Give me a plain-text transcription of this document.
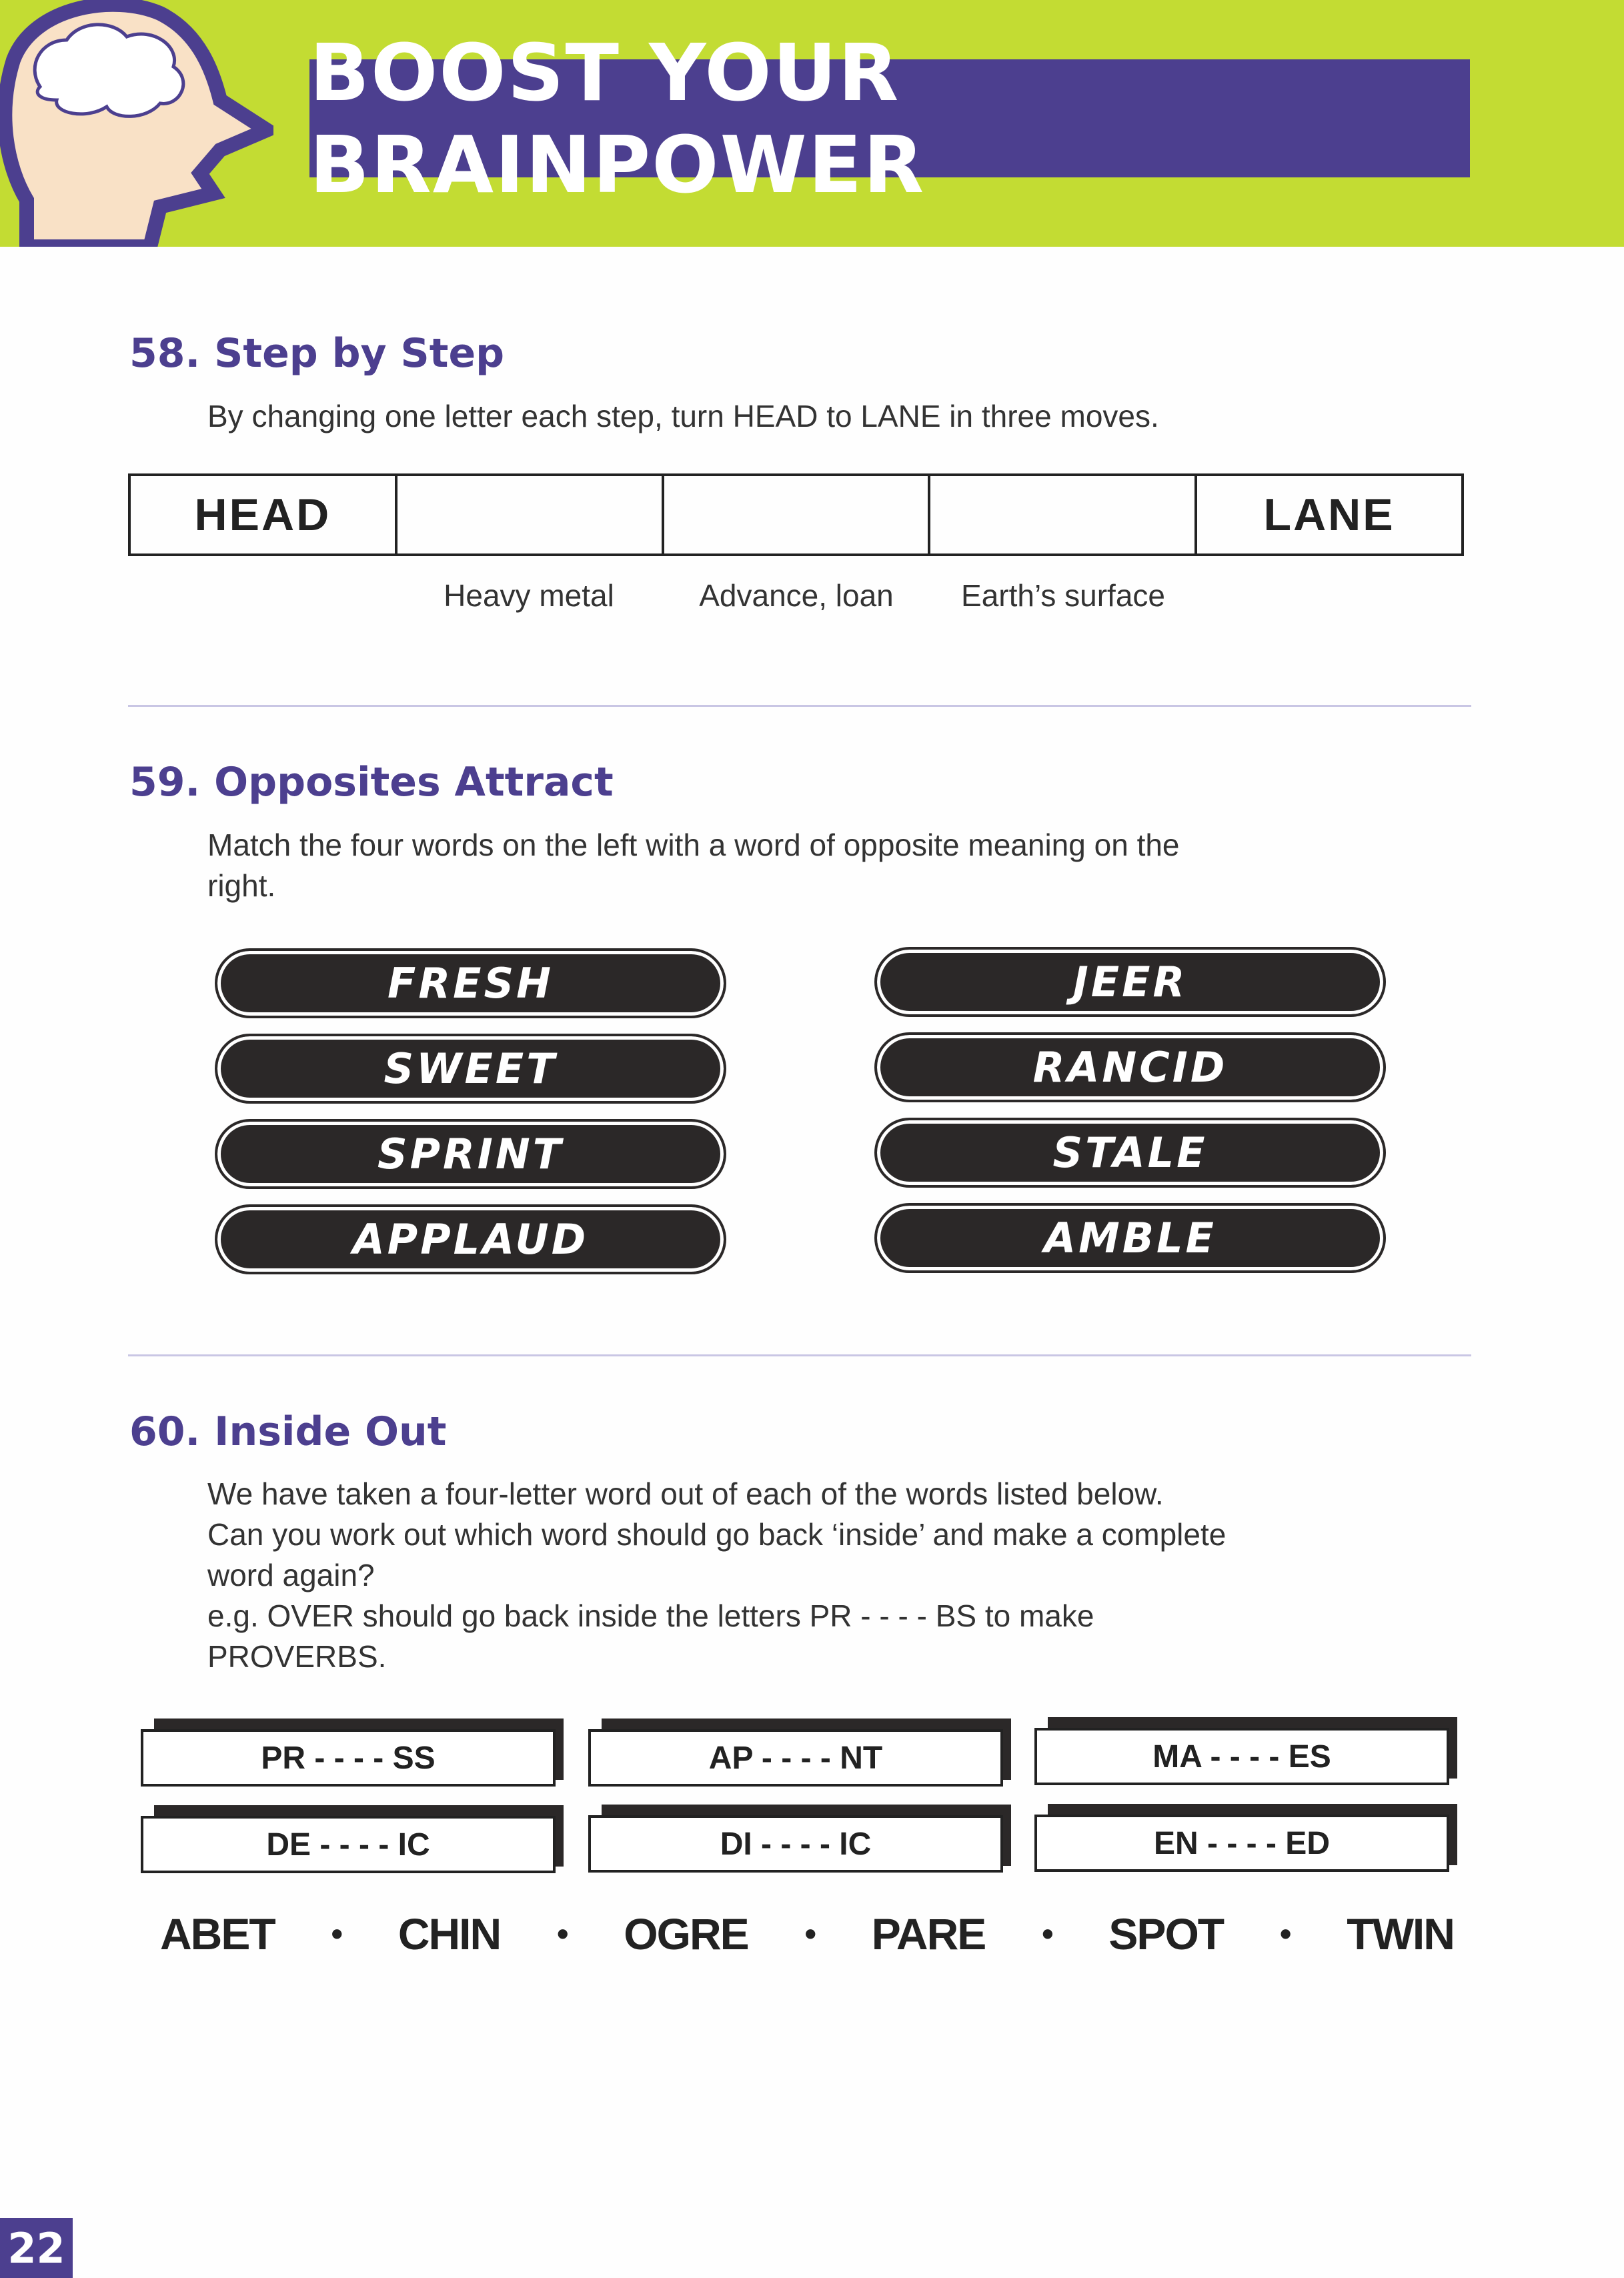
BOOST YOUR BRAINPOWER
58. Step by Step
By changing one letter each step, turn HEAD to LANE in three moves.
HEAD	LANE
Heavy metal	Advance, loan	Earth’s surface
59. Opposites Attract
Match the four words on the left with a word of opposite meaning on the
right.
FRESH
SWEET
SPRINT
APPLAUD
JEER
RANCID
STALE
AMBLE
60. Inside Out
We have taken a four-letter word out of each of the words listed below.
Can you work out which word should go back ‘inside’ and make a complete
word again?
e.g. OVER should go back inside the letters PR - - - - BS to make
PROVERBS.
PR - - - - SS	AP - - - - NT	MA - - - - ES
DE - - - - IC	DI - - - - IC	EN - - - - ED
ABET • CHIN • OGRE • PARE • SPOT • TWIN
22
